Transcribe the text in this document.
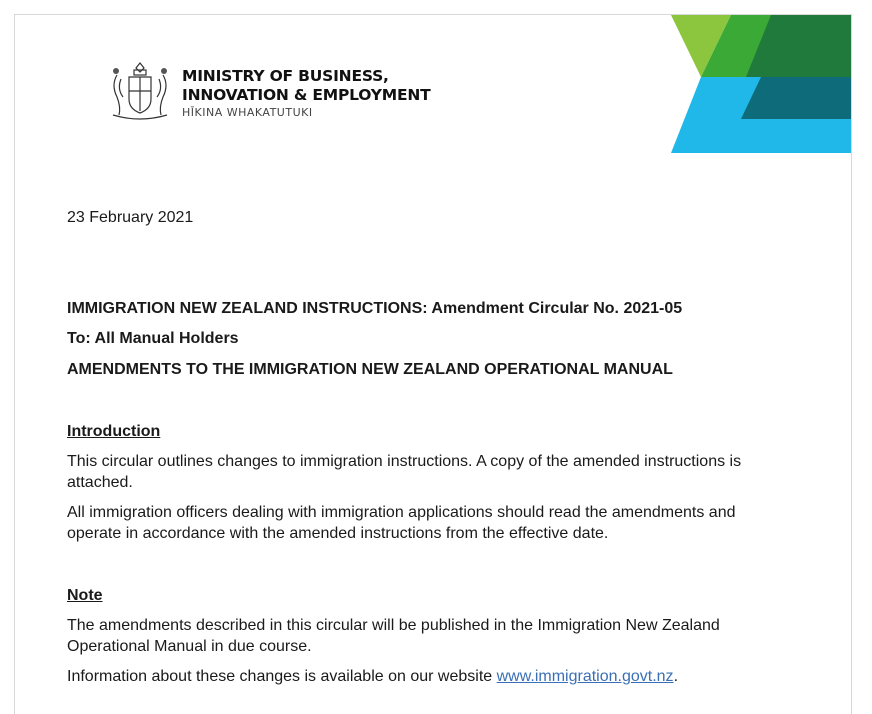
MINISTRY OF BUSINESS,
INNOVATION & EMPLOYMENT
HĪKINA WHAKATUTUKI
23 February 2021
IMMIGRATION NEW ZEALAND INSTRUCTIONS: Amendment Circular No. 2021-05
To: All Manual Holders
AMENDMENTS TO THE IMMIGRATION NEW ZEALAND OPERATIONAL MANUAL
Introduction
This circular outlines changes to immigration instructions. A copy of the amended instructions is attached.
All immigration officers dealing with immigration applications should read the amendments and operate in accordance with the amended instructions from the effective date.
Note
The amendments described in this circular will be published in the Immigration New Zealand Operational Manual in due course.
Information about these changes is available on our website www.immigration.govt.nz.
